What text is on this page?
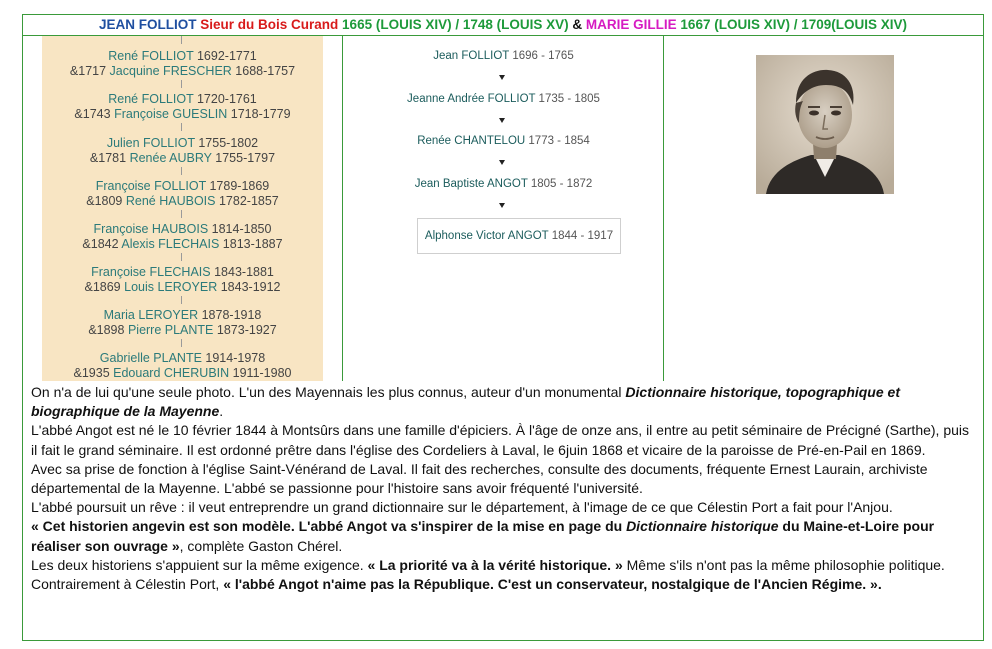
JEAN FOLLIOT Sieur du Bois Curand 1665 (LOUIS XIV) / 1748 (LOUIS XV) & MARIE GILLIE 1667 (LOUIS XIV) / 1709(LOUIS XIV)
René FOLLIOT 1692-1771
&1717 Jacquine FRESCHER 1688-1757
René FOLLIOT 1720-1761
&1743 Françoise GUESLIN 1718-1779
Julien FOLLIOT 1755-1802
&1781 Renée AUBRY 1755-1797
Françoise FOLLIOT 1789-1869
&1809 René HAUBOIS 1782-1857
Françoise HAUBOIS 1814-1850
&1842 Alexis FLECHAIS 1813-1887
Françoise FLECHAIS 1843-1881
&1869 Louis LEROYER 1843-1912
Maria LEROYER 1878-1918
&1898 Pierre PLANTE 1873-1927
Gabrielle PLANTE 1914-1978
&1935 Edouard CHERUBIN 1911-1980
Jean FOLLIOT 1696 - 1765
Jeanne Andrée FOLLIOT 1735 - 1805
Renée CHANTELOU 1773 - 1854
Jean Baptiste ANGOT 1805 - 1872
Alphonse Victor ANGOT 1844 - 1917

On n'a de lui qu'une seule photo. L'un des Mayennais les plus connus, auteur d'un monumental Dictionnaire historique, topographique et biographique de la Mayenne.

L'abbé Angot est né le 10 février 1844 à Montsûrs dans une famille d'épiciers. À l'âge de onze ans, il entre au petit séminaire de Précigné (Sarthe), puis il fait le grand séminaire. Il est ordonné prêtre dans l'église des Cordeliers à Laval, le 6juin 1868 et vicaire de la paroisse de Pré-en-Pail en 1869.

Avec sa prise de fonction à l'église Saint-Vénérand de Laval. Il fait des recherches, consulte des documents, fréquente Ernest Laurain, archiviste départemental de la Mayenne. L'abbé se passionne pour l'histoire sans avoir fréquenté l'université.

L'abbé poursuit un rêve : il veut entreprendre un grand dictionnaire sur le département, à l'image de ce que Célestin Port a fait pour l'Anjou.

« Cet historien angevin est son modèle. L'abbé Angot va s'inspirer de la mise en page du Dictionnaire historique du Maine-et-Loire pour réaliser son ouvrage », complète Gaston Chérel.

Les deux historiens s'appuient sur la même exigence. « La priorité va à la vérité historique. » Même s'ils n'ont pas la même philosophie politique.

Contrairement à Célestin Port, « l'abbé Angot n'aime pas la République. C'est un conservateur, nostalgique de l'Ancien Régime. ».
